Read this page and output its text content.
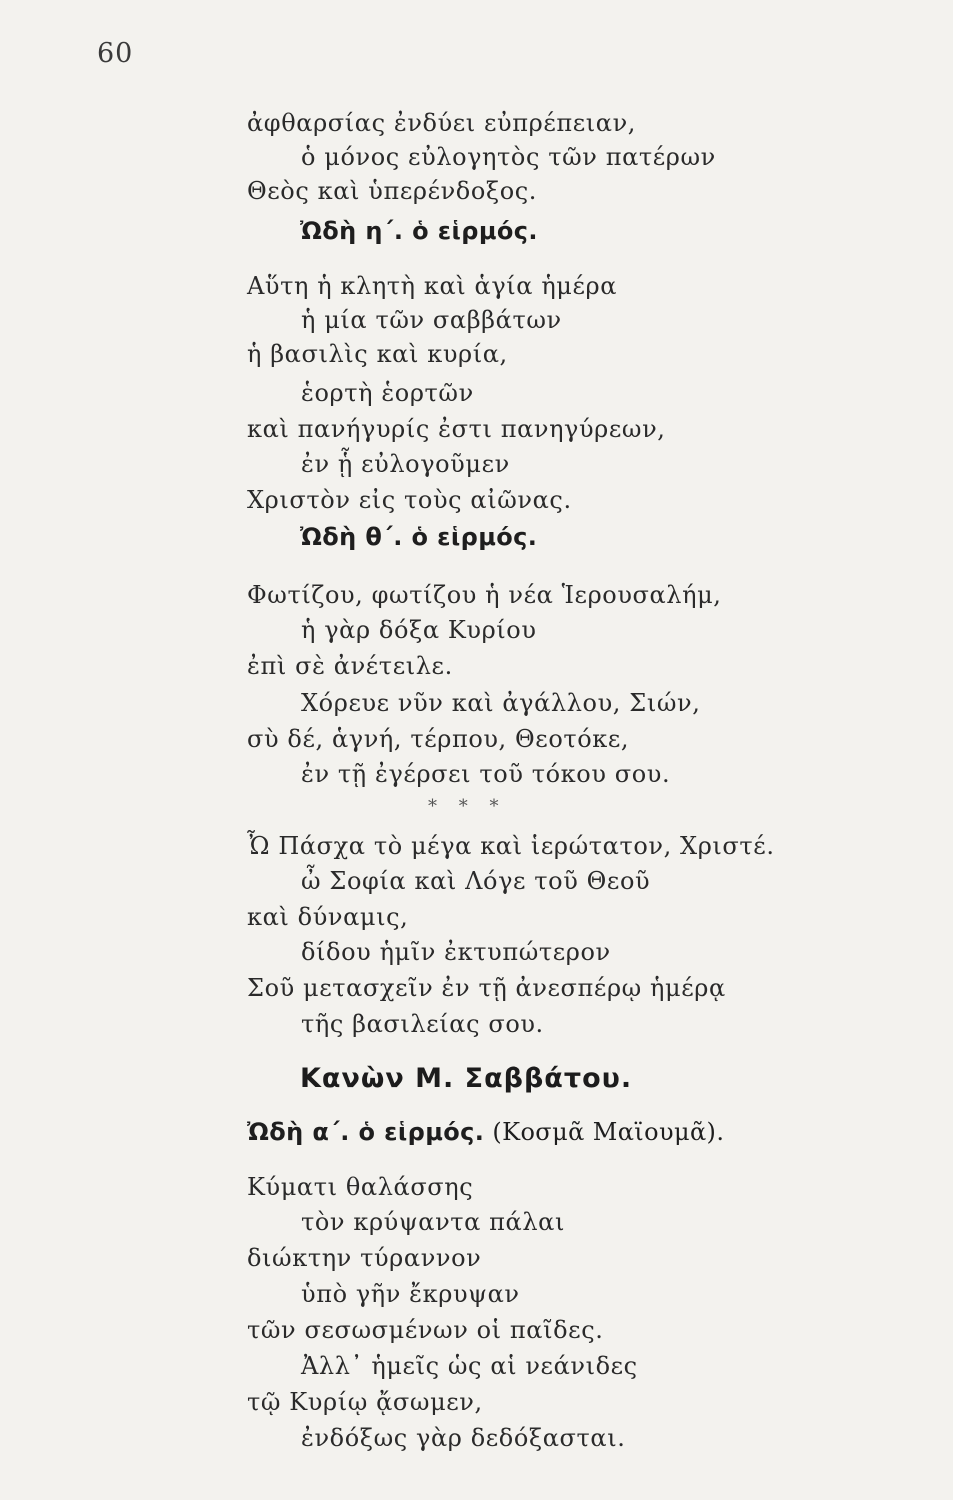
60
ἀφθαρσίας ἐνδύει εὐπρέπειαν,
ὁ μόνος εὐλογητὸς τῶν πατέρων
Θεὸς καὶ ὑπερένδοξος.
Ὠδὴ η΄. ὁ εἱρμός.
Αὕτη ἡ κλητὴ καὶ ἁγία ἡμέρα
ἡ μία τῶν σαββάτων
ἡ βασιλὶς καὶ κυρία,
ἑορτὴ ἑορτῶν
καὶ πανήγυρίς ἐστι πανηγύρεων,
ἐν ᾗ εὐλογοῦμεν
Χριστὸν εἰς τοὺς αἰῶνας.
Ὠδὴ θ΄. ὁ εἱρμός.
Φωτίζου, φωτίζου ἡ νέα Ἱερουσαλήμ,
ἡ γὰρ δόξα Κυρίου
ἐπὶ σὲ ἀνέτειλε.
Χόρευε νῦν καὶ ἀγάλλου, Σιών,
σὺ δέ, ἁγνή, τέρπου, Θεοτόκε,
ἐν τῇ ἐγέρσει τοῦ τόκου σου.
* * *
Ὦ Πάσχα τὸ μέγα καὶ ἱερώτατον, Χριστέ.
ὦ Σοφία καὶ Λόγε τοῦ Θεοῦ
καὶ δύναμις,
δίδου ἡμῖν ἐκτυπώτερον
Σοῦ μετασχεῖν ἐν τῇ ἀνεσπέρῳ ἡμέρᾳ
τῆς βασιλείας σου.
Κανὼν Μ. Σαββάτου.
Ὠδὴ α΄. ὁ εἱρμός. (Κοσμᾶ Μαϊουμᾶ).
Κύματι θαλάσσης
τὸν κρύψαντα πάλαι
διώκτην τύραννον
ὑπὸ γῆν ἔκρυψαν
τῶν σεσωσμένων οἱ παῖδες.
Ἀλλ᾿ ἡμεῖς ὡς αἱ νεάνιδες
τῷ Κυρίῳ ᾄσωμεν,
ἐνδόξως γὰρ δεδόξασται.
